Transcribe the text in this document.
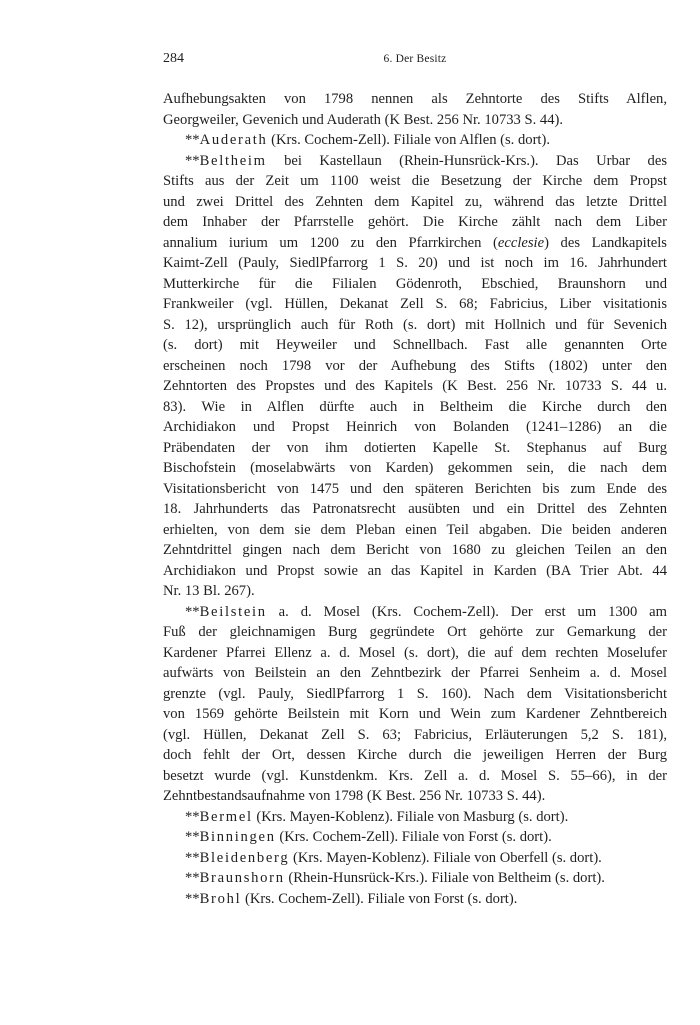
284	6. Der Besitz
Aufhebungsakten von 1798 nennen als Zehntorte des Stifts Alflen,
Georgweiler, Gevenich und Auderath (K Best. 256 Nr. 10733 S. 44).
**Auderath (Krs. Cochem-Zell). Filiale von Alflen (s. dort).
**Beltheim bei Kastellaun (Rhein-Hunsrück-Krs.). Das Urbar des
Stifts aus der Zeit um 1100 weist die Besetzung der Kirche dem Propst
und zwei Drittel des Zehnten dem Kapitel zu, während das letzte Drittel
dem Inhaber der Pfarrstelle gehört. Die Kirche zählt nach dem Liber
annalium iurium um 1200 zu den Pfarrkirchen (ecclesie) des Landkapitels
Kaimt-Zell (Pauly, SiedlPfarrorg 1 S. 20) und ist noch im 16. Jahrhundert
Mutterkirche für die Filialen Gödenroth, Ebschied, Braunshorn und
Frankweiler (vgl. Hüllen, Dekanat Zell S. 68; Fabricius, Liber visitationis
S. 12), ursprünglich auch für Roth (s. dort) mit Hollnich und für Sevenich
(s. dort) mit Heyweiler und Schnellbach. Fast alle genannten Orte
erscheinen noch 1798 vor der Aufhebung des Stifts (1802) unter den
Zehntorten des Propstes und des Kapitels (K Best. 256 Nr. 10733 S. 44 u.
83). Wie in Alflen dürfte auch in Beltheim die Kirche durch den
Archidiakon und Propst Heinrich von Bolanden (1241–1286) an die
Präbendaten der von ihm dotierten Kapelle St. Stephanus auf Burg
Bischofstein (moselabwärts von Karden) gekommen sein, die nach dem
Visitationsbericht von 1475 und den späteren Berichten bis zum Ende des
18. Jahrhunderts das Patronatsrecht ausübten und ein Drittel des Zehnten
erhielten, von dem sie dem Pleban einen Teil abgaben. Die beiden anderen
Zehntdrittel gingen nach dem Bericht von 1680 zu gleichen Teilen an den
Archidiakon und Propst sowie an das Kapitel in Karden (BA Trier Abt. 44
Nr. 13 Bl. 267).
**Beilstein a. d. Mosel (Krs. Cochem-Zell). Der erst um 1300 am
Fuß der gleichnamigen Burg gegründete Ort gehörte zur Gemarkung der
Kardener Pfarrei Ellenz a. d. Mosel (s. dort), die auf dem rechten Moselufer
aufwärts von Beilstein an den Zehntbezirk der Pfarrei Senheim a. d. Mosel
grenzte (vgl. Pauly, SiedlPfarrorg 1 S. 160). Nach dem Visitationsbericht
von 1569 gehörte Beilstein mit Korn und Wein zum Kardener Zehntbereich
(vgl. Hüllen, Dekanat Zell S. 63; Fabricius, Erläuterungen 5,2 S. 181),
doch fehlt der Ort, dessen Kirche durch die jeweiligen Herren der Burg
besetzt wurde (vgl. Kunstdenkm. Krs. Zell a. d. Mosel S. 55–66), in der
Zehntbestandsaufnahme von 1798 (K Best. 256 Nr. 10733 S. 44).
**Bermel (Krs. Mayen-Koblenz). Filiale von Masburg (s. dort).
**Binningen (Krs. Cochem-Zell). Filiale von Forst (s. dort).
**Bleidenberg (Krs. Mayen-Koblenz). Filiale von Oberfell (s. dort).
**Braunshorn (Rhein-Hunsrück-Krs.). Filiale von Beltheim (s. dort).
**Brohl (Krs. Cochem-Zell). Filiale von Forst (s. dort).
